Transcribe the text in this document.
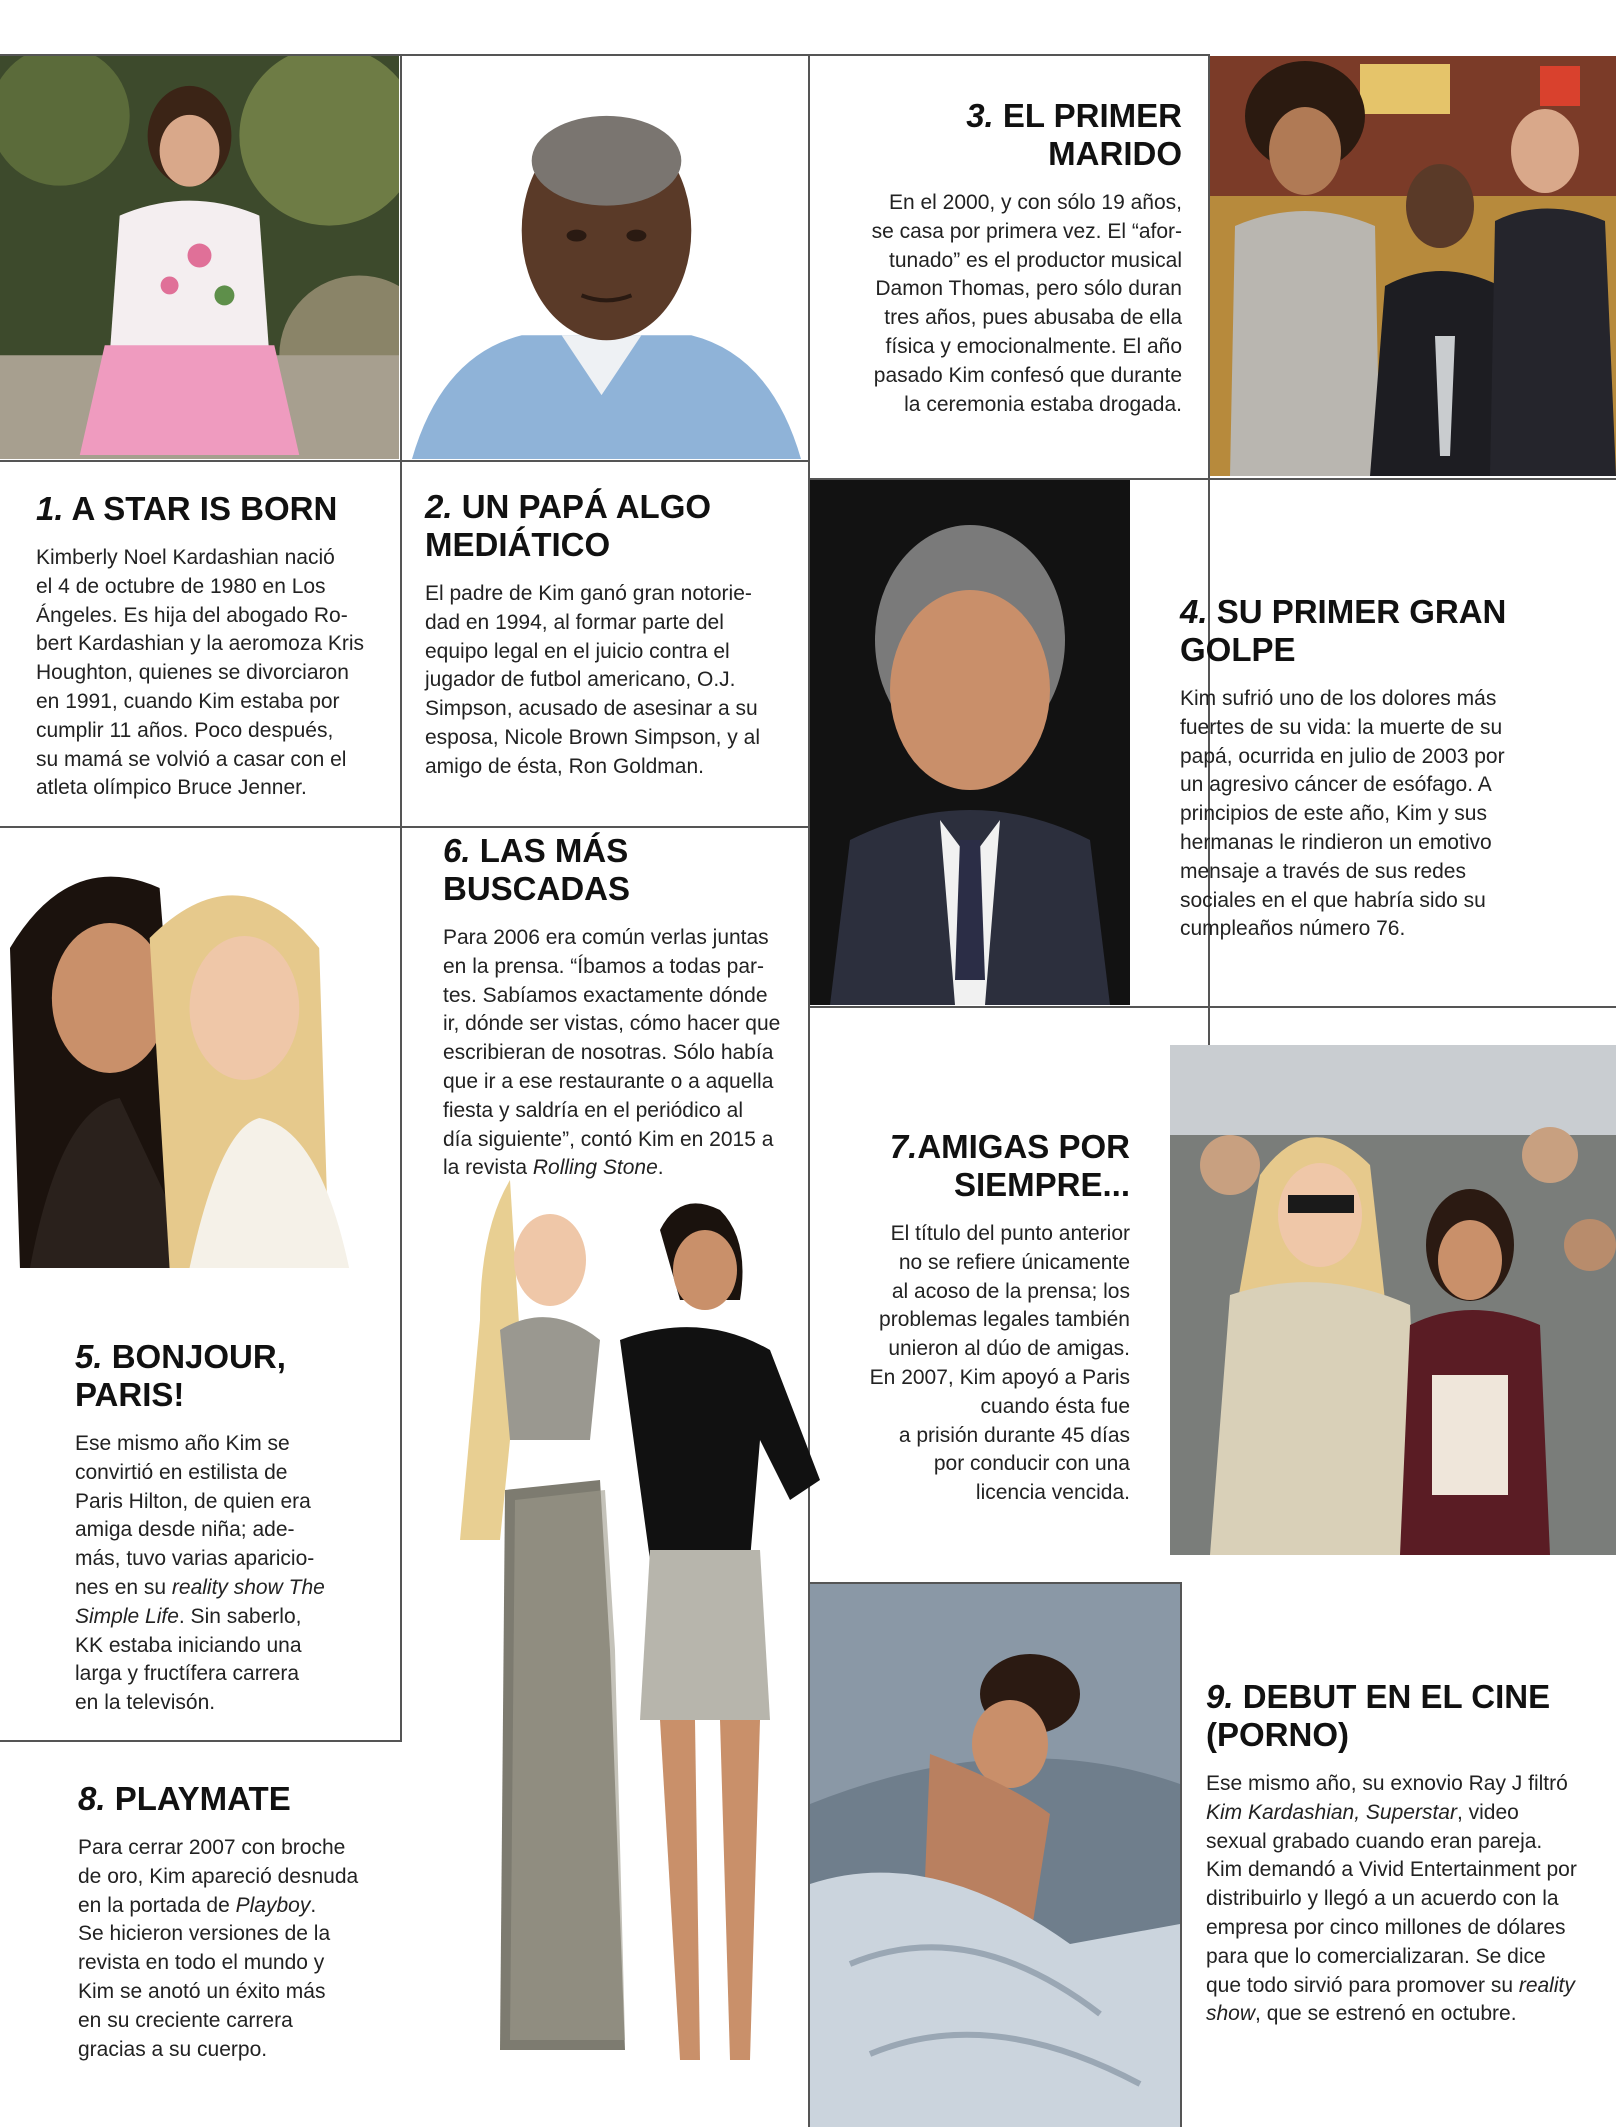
3. EL PRIMER MARIDO

En el 2000, y con sólo 19 años,
se casa por primera vez. El “afor-
tunado” es el productor musical
Damon Thomas, pero sólo duran
tres años, pues abusaba de ella
física y emocionalmente. El año
pasado Kim confesó que durante
la ceremonia estaba drogada.

1. A STAR IS BORN

Kimberly Noel Kardashian nació
el 4 de octubre de 1980 en Los
Ángeles. Es hija del abogado Ro-
bert Kardashian y la aeromoza Kris
Houghton, quienes se divorciaron
en 1991, cuando Kim estaba por
cumplir 11 años. Poco después,
su mamá se volvió a casar con el
atleta olímpico Bruce Jenner.

2. UN PAPÁ ALGO MEDIÁTICO

El padre de Kim ganó gran notorie-
dad en 1994, al formar parte del
equipo legal en el juicio contra el
jugador de futbol americano, O.J.
Simpson, acusado de asesinar a su
esposa, Nicole Brown Simpson, y al
amigo de ésta, Ron Goldman.

4. SU PRIMER GRAN GOLPE

Kim sufrió uno de los dolores más
fuertes de su vida: la muerte de su
papá, ocurrida en julio de 2003 por
un agresivo cáncer de esófago. A
principios de este año, Kim y sus
hermanas le rindieron un emotivo
mensaje a través de sus redes
sociales en el que habría sido su
cumpleaños número 76.

6. LAS MÁS BUSCADAS

Para 2006 era común verlas juntas
en la prensa. “Íbamos a todas par-
tes. Sabíamos exactamente dónde
ir, dónde ser vistas, cómo hacer que
escribieran de nosotras. Sólo había
que ir a ese restaurante o a aquella
fiesta y saldría en el periódico al
día siguiente”, contó Kim en 2015 a
la revista Rolling Stone.

7.AMIGAS POR SIEMPRE...

El título del punto anterior
no se refiere únicamente
al acoso de la prensa; los
problemas legales también
unieron al dúo de amigas.
En 2007, Kim apoyó a Paris
cuando ésta fue
a prisión durante 45 días
por conducir con una
licencia vencida.

5. BONJOUR, PARIS!

Ese mismo año Kim se
convirtió en estilista de
Paris Hilton, de quien era
amiga desde niña; ade-
más, tuvo varias aparicio-
nes en su reality show The
Simple Life. Sin saberlo,
KK estaba iniciando una
larga y fructífera carrera
en la televisón.

8. PLAYMATE

Para cerrar 2007 con broche
de oro, Kim apareció desnuda
en la portada de Playboy.
Se hicieron versiones de la
revista en todo el mundo y
Kim se anotó un éxito más
en su creciente carrera
gracias a su cuerpo.

9. DEBUT EN EL CINE (PORNO)

Ese mismo año, su exnovio Ray J filtró
Kim Kardashian, Superstar, video
sexual grabado cuando eran pareja.
Kim demandó a Vivid Entertainment por
distribuirlo y llegó a un acuerdo con la
empresa por cinco millones de dólares
para que lo comercializaran. Se dice
que todo sirvió para promover su reality
show, que se estrenó en octubre.
